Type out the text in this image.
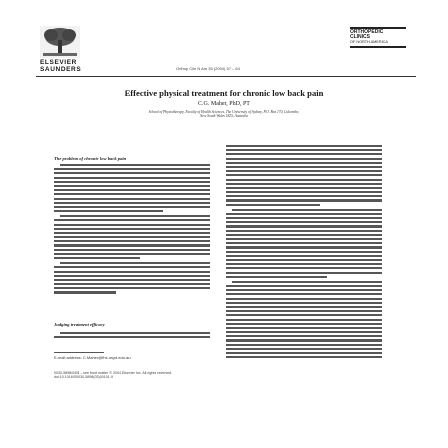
ELSEVIER
SAUNDERS	Orthop Clin N Am 35 (2004) 57 – 64
ORTHOPEDIC
CLINICS
OF NORTH AMERICA
Effective physical treatment for chronic low back pain
C.G. Maher, PhD, PT
School of Physiotherapy, Faculty of Health Sciences, The University of Sydney, P.O. Box 170, Lidcombe,
New South Wales 1825, Australia
The problem of chronic low back pain
Judging treatment efficacy
E-mail address: C.Maher@fhs.usyd.edu.au
0030-5898/04/$ – see front matter © 2004 Elsevier Inc. All rights reserved.
doi:10.1016/S0030-5898(03)00101-9
